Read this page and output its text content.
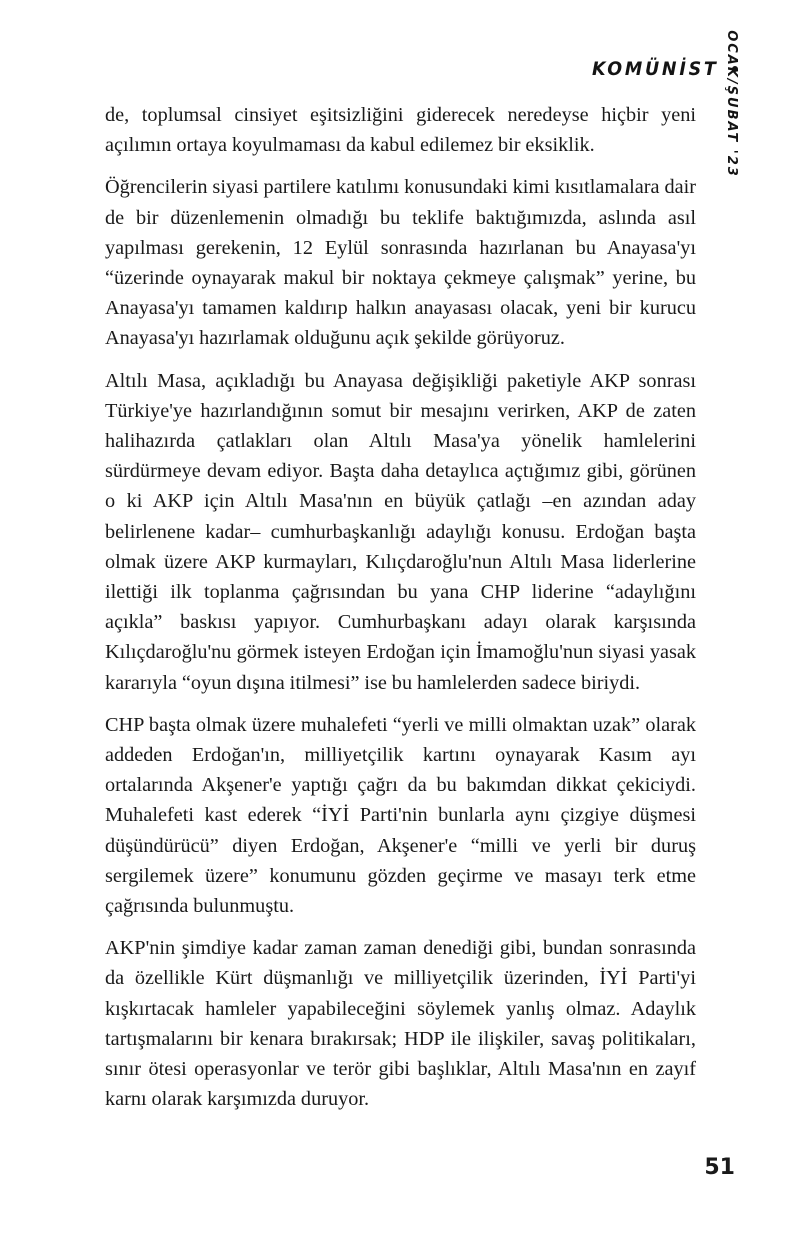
KOMÜNİST OCAK/ŞUBAT '23

de, toplumsal cinsiyet eşitsizliğini giderecek neredeyse hiçbir yeni açılımın ortaya koyulmaması da kabul edilemez bir eksiklik.

Öğrencilerin siyasi partilere katılımı konusundaki kimi kısıtlamalara dair de bir düzenlemenin olmadığı bu teklife baktığımızda, aslında asıl yapılması gerekenin, 12 Eylül sonrasında hazırlanan bu Anayasa'yı “üzerinde oynayarak makul bir noktaya çekmeye çalışmak” yerine, bu Anayasa'yı tamamen kaldırıp halkın anayasası olacak, yeni bir kurucu Anayasa'yı hazırlamak olduğunu açık şekilde görüyoruz.

Altılı Masa, açıkladığı bu Anayasa değişikliği paketiyle AKP sonrası Türkiye'ye hazırlandığının somut bir mesajını verirken, AKP de zaten halihazırda çatlakları olan Altılı Masa'ya yönelik hamlelerini sürdürmeye devam ediyor. Başta daha detaylıca açtığımız gibi, görünen o ki AKP için Altılı Masa'nın en büyük çatlağı –en azından aday belirlenene kadar– cumhurbaşkanlığı adaylığı konusu. Erdoğan başta olmak üzere AKP kurmayları, Kılıçdaroğlu'nun Altılı Masa liderlerine ilettiği ilk toplanma çağrısından bu yana CHP liderine “adaylığını açıkla” baskısı yapıyor. Cumhurbaşkanı adayı olarak karşısında Kılıçdaroğlu'nu görmek isteyen Erdoğan için İmamoğlu'nun siyasi yasak kararıyla “oyun dışına itilmesi” ise bu hamlelerden sadece biriydi.

CHP başta olmak üzere muhalefeti “yerli ve milli olmaktan uzak” olarak addeden Erdoğan'ın, milliyetçilik kartını oynayarak Kasım ayı ortalarında Akşener'e yaptığı çağrı da bu bakımdan dikkat çekiciydi. Muhalefeti kast ederek “İYİ Parti'nin bunlarla aynı çizgiye düşmesi düşündürücü” diyen Erdoğan, Akşener'e “milli ve yerli bir duruş sergilemek üzere” konumunu gözden geçirme ve masayı terk etme çağrısında bulunmuştu.

AKP'nin şimdiye kadar zaman zaman denediği gibi, bundan sonrasında da özellikle Kürt düşmanlığı ve milliyetçilik üzerinden, İYİ Parti'yi kışkırtacak hamleler yapabileceğini söylemek yanlış olmaz. Adaylık tartışmalarını bir kenara bırakırsak; HDP ile ilişkiler, savaş politikaları, sınır ötesi operasyonlar ve terör gibi başlıklar, Altılı Masa'nın en zayıf karnı olarak karşımızda duruyor.

51
